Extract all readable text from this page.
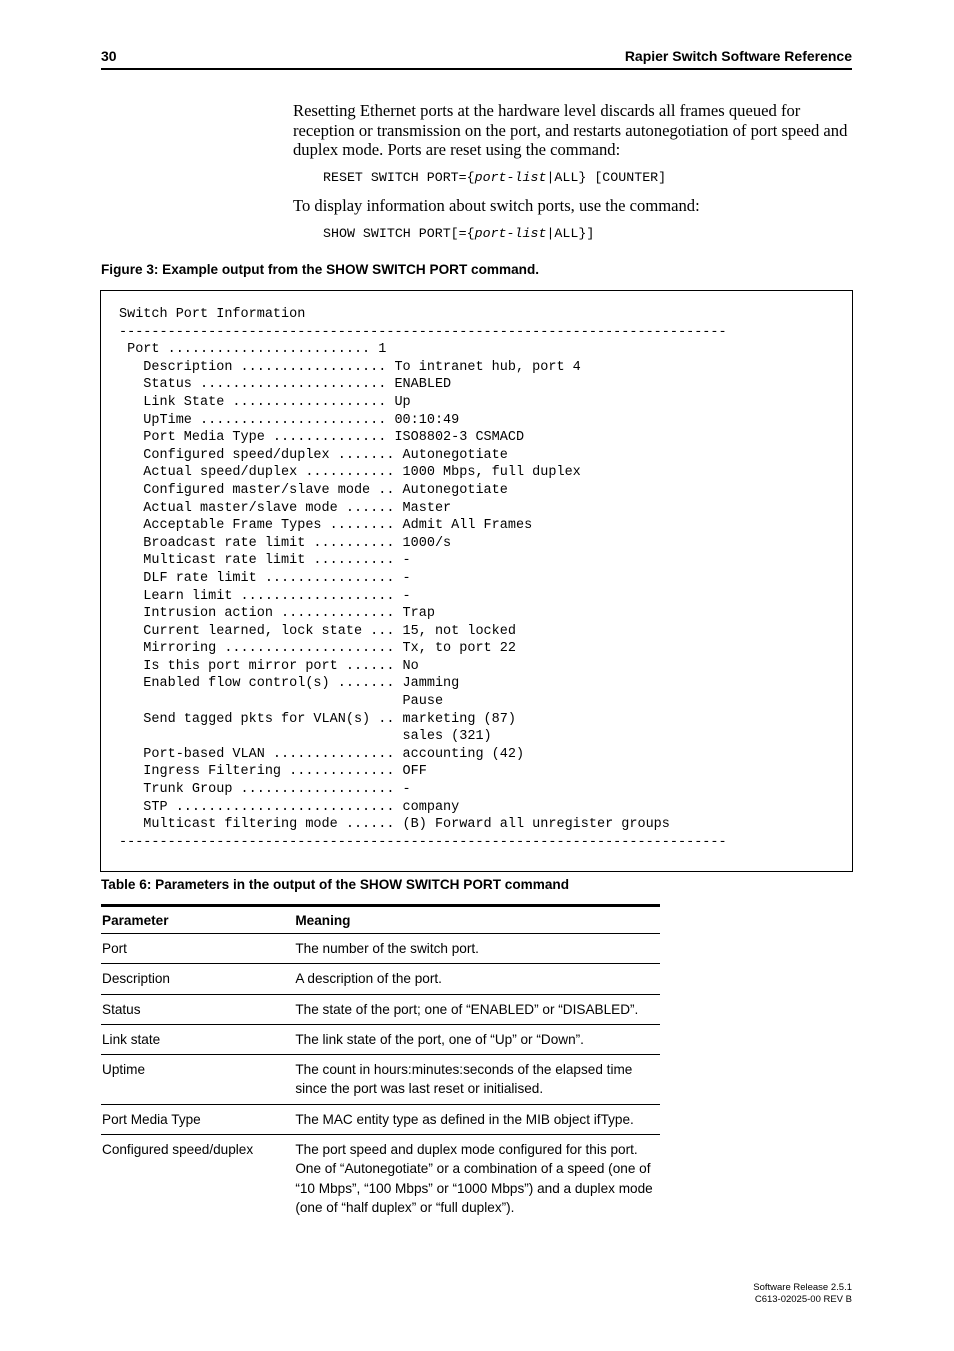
30	Rapier Switch Software Reference
Resetting Ethernet ports at the hardware level discards all frames queued for reception or transmission on the port, and restarts autonegotiation of port speed and duplex mode. Ports are reset using the command:
RESET SWITCH PORT={port-list|ALL} [COUNTER]
To display information about switch ports, use the command:
SHOW SWITCH PORT[={port-list|ALL}]
Figure 3: Example output from the SHOW SWITCH PORT command.
Switch Port Information
---------------------------------------------------------------------------
Port ......................... 1
Description .................. To intranet hub, port 4
Status ....................... ENABLED
Link State ................... Up
UpTime ....................... 00:10:49
Port Media Type .............. ISO8802-3 CSMACD
Configured speed/duplex ....... Autonegotiate
Actual speed/duplex ........... 1000 Mbps, full duplex
Configured master/slave mode .. Autonegotiate
Actual master/slave mode ...... Master
Acceptable Frame Types ........ Admit All Frames
Broadcast rate limit .......... 1000/s
Multicast rate limit .......... -
DLF rate limit ................ -
Learn limit ................... -
Intrusion action .............. Trap
Current learned, lock state ... 15, not locked
Mirroring ..................... Tx, to port 22
Is this port mirror port ...... No
Enabled flow control(s) ....... Jamming
Pause
Send tagged pkts for VLAN(s) .. marketing (87)
sales (321)
Port-based VLAN ............... accounting (42)
Ingress Filtering ............. OFF
Trunk Group ................... -
STP ........................... company
Multicast filtering mode ...... (B) Forward all unregister groups
---------------------------------------------------------------------------
Table 6: Parameters in the output of the SHOW SWITCH PORT command
Parameter	Meaning
Port	The number of the switch port.
Description	A description of the port.
Status	The state of the port; one of “ENABLED” or “DISABLED”.
Link state	The link state of the port, one of “Up” or “Down”.
Uptime	The count in hours:minutes:seconds of the elapsed time since the port was last reset or initialised.
Port Media Type	The MAC entity type as defined in the MIB object ifType.
Configured speed/duplex	The port speed and duplex mode configured for this port. One of “Autonegotiate” or a combination of a speed (one of “10 Mbps”, “100 Mbps” or “1000 Mbps”) and a duplex mode (one of “half duplex” or “full duplex”).
Software Release 2.5.1
C613-02025-00 REV B
